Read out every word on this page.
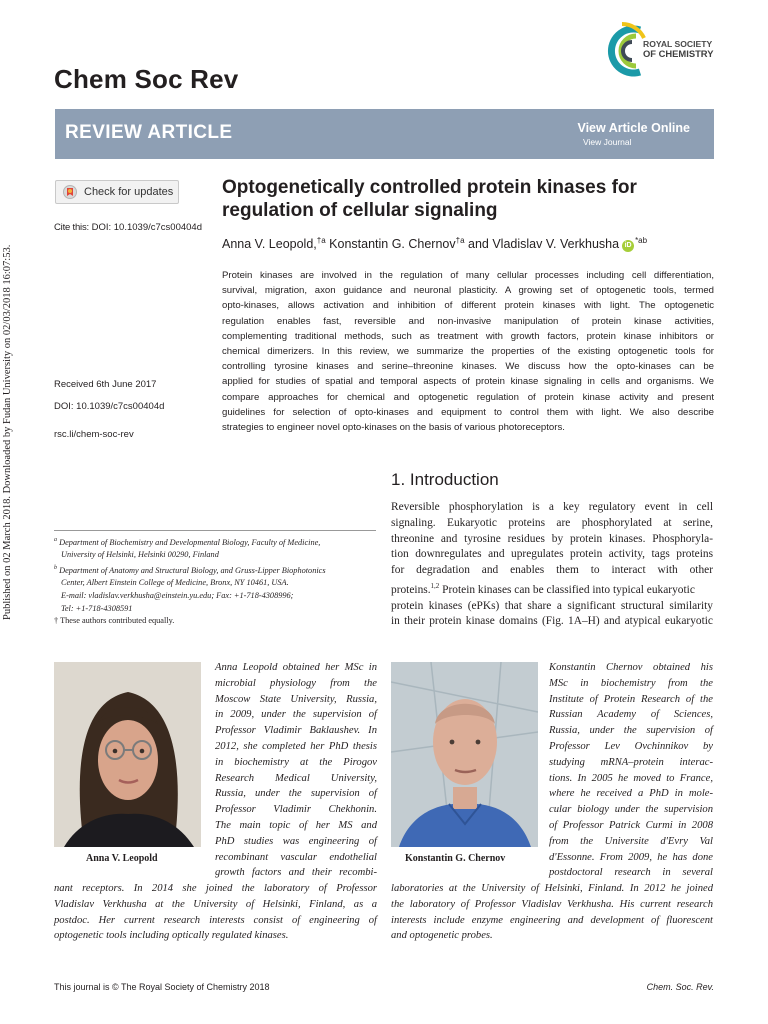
Published on 02 March 2018. Downloaded by Fudan University on 02/03/2018 16:07:53.
Chem Soc Rev
ROYAL SOCIETY
OF CHEMISTRY
REVIEW ARTICLE	View Article Online
View Journal
Check for updates
Cite this: DOI: 10.1039/c7cs00404d
Optogenetically controlled protein kinases for
regulation of cellular signaling
Anna V. Leopold,$^{\dagger a}$ Konstantin G. Chernov$^{\dagger a}$ and Vladislav V. Verkhusha $iD^{*ab}$
Protein kinases are involved in the regulation of many cellular processes including cell differentiation,
survival, migration, axon guidance and neuronal plasticity. A growing set of optogenetic tools, termed
opto-kinases, allows activation and inhibition of different protein kinases with light. The optogenetic
regulation enables fast, reversible and non-invasive manipulation of protein kinase activities,
complementing traditional methods, such as treatment with growth factors, protein kinase inhibitors or
chemical dimerizers. In this review, we summarize the properties of the existing optogenetic tools for
controlling tyrosine kinases and serine–threonine kinases. We discuss how the opto-kinases can be
applied for studies of spatial and temporal aspects of protein kinase signaling in cells and organisms. We
compare approaches for chemical and optogenetic regulation of protein kinase activity and present
guidelines for selection of opto-kinases and equipment to control them with light. We also describe
strategies to engineer novel opto-kinases on the basis of various photoreceptors.
Received 6th June 2017
DOI: 10.1039/c7cs00404d
rsc.li/chem-soc-rev
1. Introduction
Reversible phosphorylation is a key regulatory event in cell
signaling. Eukaryotic proteins are phosphorylated at serine,
threonine and tyrosine residues by protein kinases. Phosphoryla-
tion downregulates and upregulates protein activity, tags proteins
for degradation and enables them to interact with other
proteins.$^{1,2}$ Protein kinases can be classified into typical eukaryotic
protein kinases (ePKs) that share a significant structural similarity
in their protein kinase domains (Fig. 1A–H) and atypical eukaryotic
$^a$ Department of Biochemistry and Developmental Biology, Faculty of Medicine,
University of Helsinki, Helsinki 00290, Finland
$^b$ Department of Anatomy and Structural Biology, and Gruss-Lipper Biophotonics
Center, Albert Einstein College of Medicine, Bronx, NY 10461, USA.
E-mail: vladislav.verkhusha@einstein.yu.edu; Fax: +1-718-4308996;
Tel: +1-718-4308591
† These authors contributed equally.
Anna V. Leopold
Anna Leopold obtained her MSc in
microbial physiology from the
Moscow State University, Russia,
in 2009, under the supervision of
Professor Vladimir Baklaushev. In
2012, she completed her PhD thesis
in biochemistry at the Pirogov
Research Medical University,
Russia, under the supervision of
Professor Vladimir Chekhonin.
The main topic of her MS and
PhD studies was engineering of
recombinant vascular endothelial
growth factors and their recombi-
nant receptors. In 2014 she joined the laboratory of Professor
Vladislav Verkhusha at the University of Helsinki, Finland, as a
postdoc. Her current research interests consist of engineering of
optogenetic tools including optically regulated kinases.
Konstantin G. Chernov
Konstantin Chernov obtained his
MSc in biochemistry from the
Institute of Protein Research of the
Russian Academy of Sciences,
Russia, under the supervision of
Professor Lev Ovchinnikov by
studying mRNA–protein interac-
tions. In 2005 he moved to France,
where he received a PhD in mole-
cular biology under the supervision
of Professor Patrick Curmi in 2008
from the Universite d'Evry Val
d'Essonne. From 2009, he has done
postdoctoral research in several
laboratories at the University of Helsinki, Finland. In 2012 he joined
the laboratory of Professor Vladislav Verkhusha. His current research
interests include enzyme engineering and development of fluorescent
and optogenetic probes.
This journal is © The Royal Society of Chemistry 2018	Chem. Soc. Rev.
